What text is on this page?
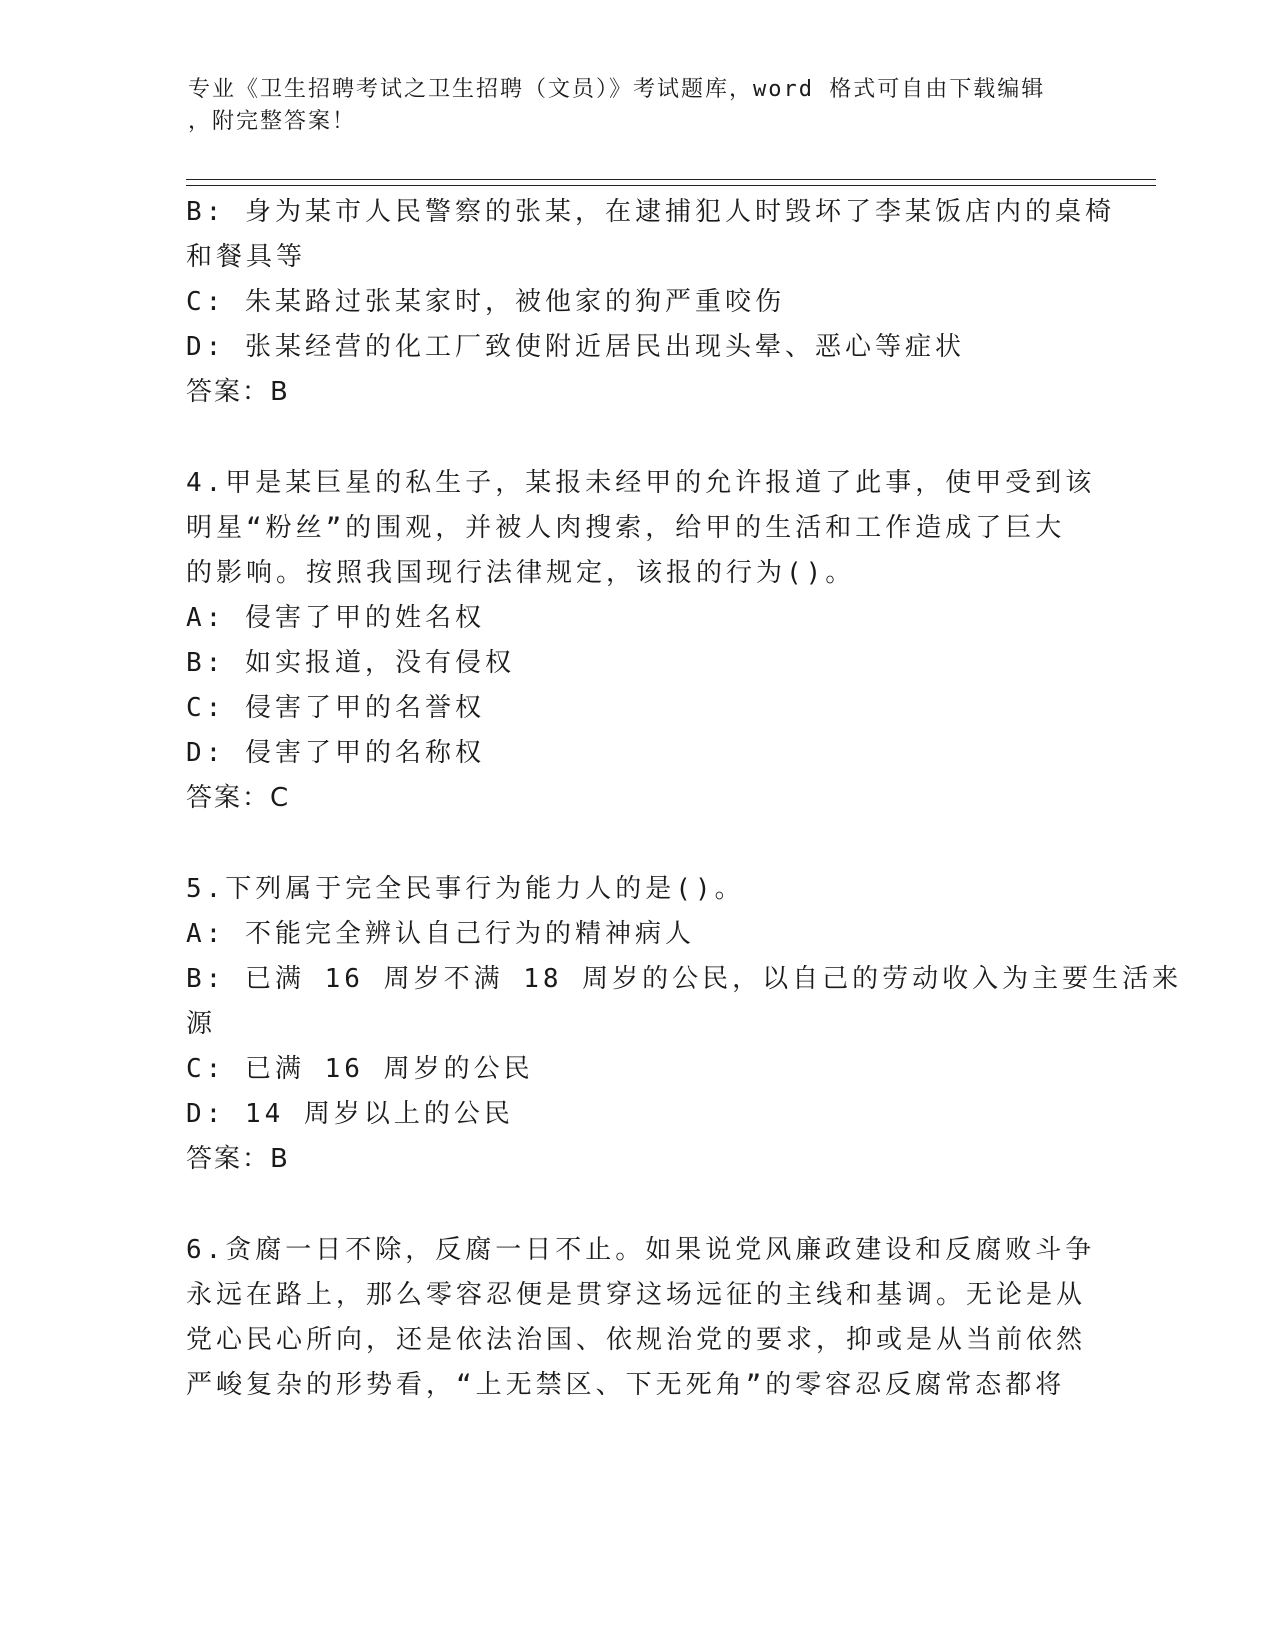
专业《卫生招聘考试之卫生招聘（文员）》考试题库，word 格式可自由下载编辑
，附完整答案！
B: 身为某市人民警察的张某，在逮捕犯人时毁坏了李某饭店内的桌椅
和餐具等
C: 朱某路过张某家时，被他家的狗严重咬伤
D: 张某经营的化工厂致使附近居民出现头晕、恶心等症状
答案：B
4.甲是某巨星的私生子，某报未经甲的允许报道了此事，使甲受到该
明星“粉丝”的围观，并被人肉搜索，给甲的生活和工作造成了巨大
的影响。按照我国现行法律规定，该报的行为()。
A: 侵害了甲的姓名权
B: 如实报道，没有侵权
C: 侵害了甲的名誉权
D: 侵害了甲的名称权
答案：C
5.下列属于完全民事行为能力人的是()。
A: 不能完全辨认自己行为的精神病人
B: 已满 16 周岁不满 18 周岁的公民，以自己的劳动收入为主要生活来
源
C: 已满 16 周岁的公民
D: 14 周岁以上的公民
答案：B
6.贪腐一日不除，反腐一日不止。如果说党风廉政建设和反腐败斗争
永远在路上，那么零容忍便是贯穿这场远征的主线和基调。无论是从
党心民心所向，还是依法治国、依规治党的要求，抑或是从当前依然
严峻复杂的形势看，“上无禁区、下无死角”的零容忍反腐常态都将
